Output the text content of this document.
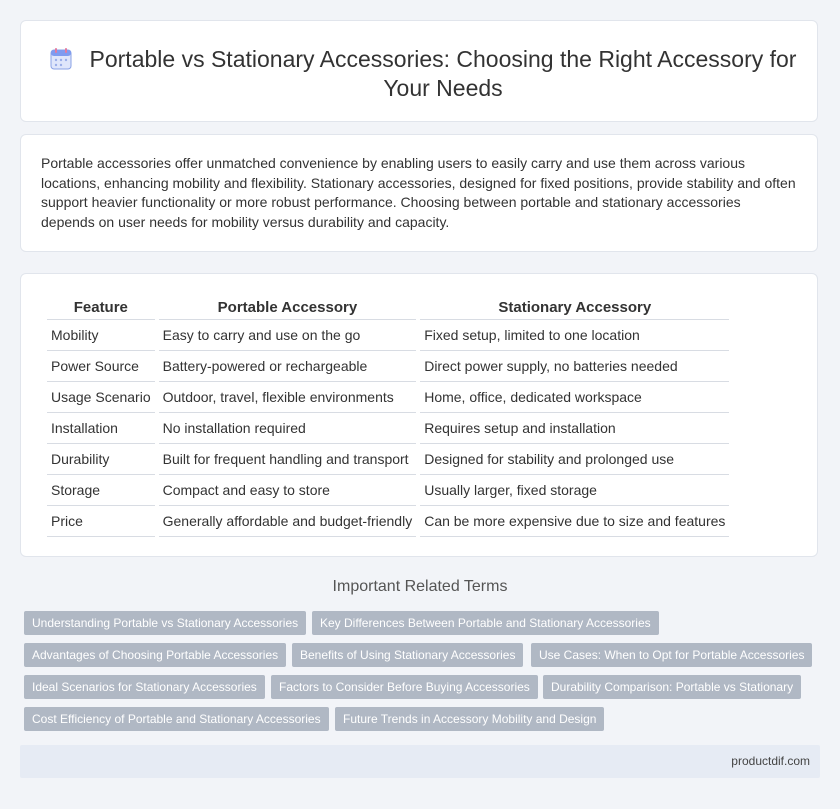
Portable vs Stationary Accessories: Choosing the Right Accessory for Your Needs
Portable accessories offer unmatched convenience by enabling users to easily carry and use them across various locations, enhancing mobility and flexibility. Stationary accessories, designed for fixed positions, provide stability and often support heavier functionality or more robust performance. Choosing between portable and stationary accessories depends on user needs for mobility versus durability and capacity.
Feature	Portable Accessory	Stationary Accessory
Mobility	Easy to carry and use on the go	Fixed setup, limited to one location
Power Source	Battery-powered or rechargeable	Direct power supply, no batteries needed
Usage Scenario	Outdoor, travel, flexible environments	Home, office, dedicated workspace
Installation	No installation required	Requires setup and installation
Durability	Built for frequent handling and transport	Designed for stability and prolonged use
Storage	Compact and easy to store	Usually larger, fixed storage
Price	Generally affordable and budget-friendly	Can be more expensive due to size and features
Important Related Terms
Understanding Portable vs Stationary Accessories	Key Differences Between Portable and Stationary Accessories
Advantages of Choosing Portable Accessories	Benefits of Using Stationary Accessories	Use Cases: When to Opt for Portable Accessories
Ideal Scenarios for Stationary Accessories	Factors to Consider Before Buying Accessories	Durability Comparison: Portable vs Stationary
Cost Efficiency of Portable and Stationary Accessories	Future Trends in Accessory Mobility and Design
productdif.com
